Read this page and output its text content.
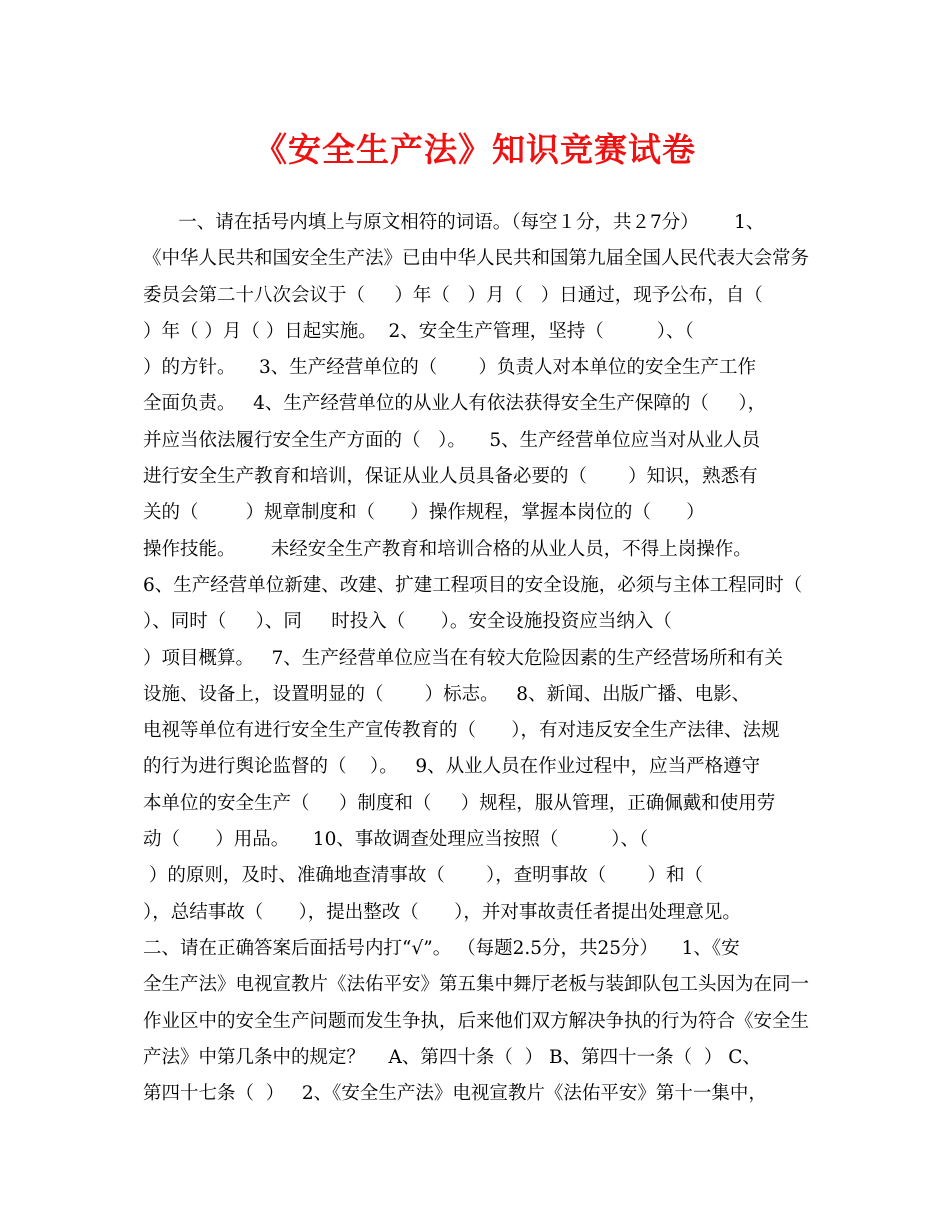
《安全生产法》知识竞赛试卷
一、请在括号内填上与原文相符的词语。（每空１分，共２7分）      1、
《中华人民共和国安全生产法》已由中华人民共和国第九届全国人民代表大会常务
委员会第二十八次会议于（     ）年（   ）月（   ）日通过，现予公布，自（
）年（ ）月（ ）日起实施。  2、安全生产管理，坚持（         ）、（
）的方针。    3、生产经营单位的（       ）负责人对本单位的安全生产工作
全面负责。   4、生产经营单位的从业人有依法获得安全生产保障的（     ），
并应当依法履行安全生产方面的（   ）。    5、生产经营单位应当对从业人员
进行安全生产教育和培训，保证从业人员具备必要的（       ）知识，熟悉有
关的（        ）规章制度和（      ）操作规程，掌握本岗位的（      ）
操作技能。      未经安全生产教育和培训合格的从业人员，不得上岗操作。
6、生产经营单位新建、改建、扩建工程项目的安全设施，必须与主体工程同时（
）、同时（     ）、同     时投入（      ）。安全设施投资应当纳入（
）项目概算。   7、生产经营单位应当在有较大危险因素的生产经营场所和有关
设施、设备上，设置明显的（       ）标志。   8、新闻、出版广播、电影、
电视等单位有进行安全生产宣传教育的（      ），有对违反安全生产法律、法规
的行为进行舆论监督的（    ）。   9、从业人员在作业过程中，应当严格遵守
本单位的安全生产（     ）制度和（     ）规程，服从管理，正确佩戴和使用劳
动（      ）用品。    10、事故调查处理应当按照（         ）、（
）的原则，及时、准确地查清事故（       ），查明事故（       ）和（
），总结事故（      ），提出整改（      ），并对事故责任者提出处理意见。
二、请在正确答案后面括号内打“√”。 （每题2.5分，共25分）    1、《安
全生产法》电视宣教片《法佑平安》第五集中舞厅老板与装卸队包工头因为在同一
作业区中的安全生产问题而发生争执，后来他们双方解决争执的行为符合《安全生
产法》中第几条中的规定？    A、第四十条（  ） B、第四十一条（  ） C、
第四十七条（  ）   2、《安全生产法》电视宣教片《法佑平安》第十一集中，
